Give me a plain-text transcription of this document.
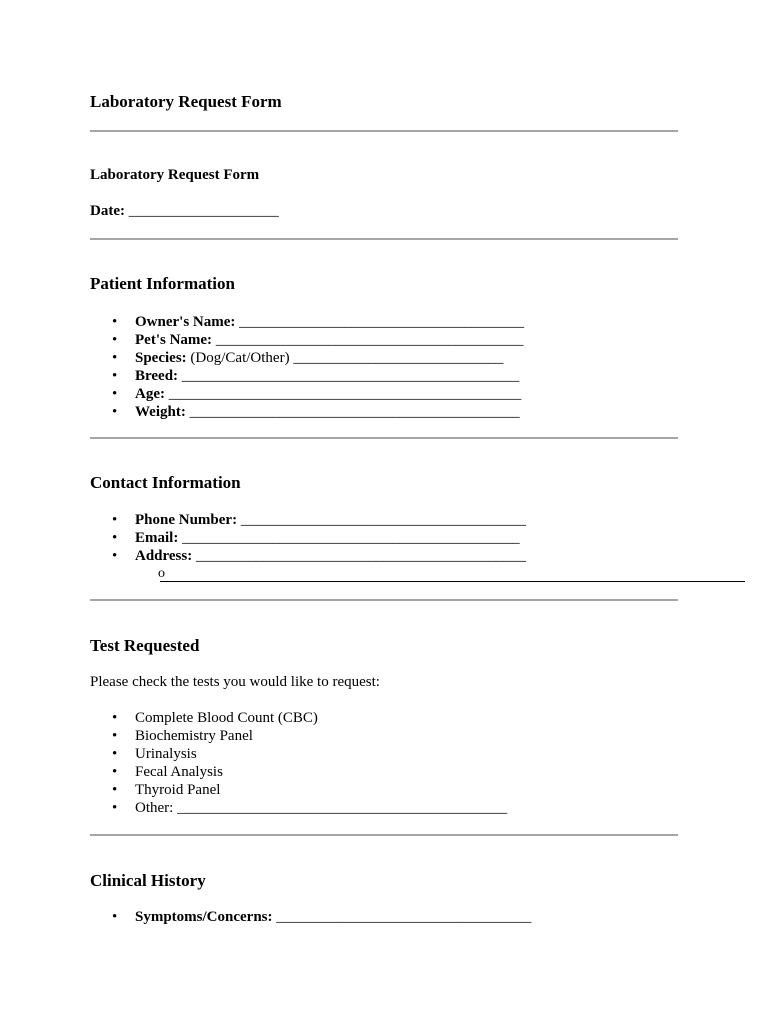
Laboratory Request Form

Laboratory Request Form

Date: ____________________

Patient Information
• Owner's Name: ______________________________________
• Pet's Name: _________________________________________
• Species: (Dog/Cat/Other) ____________________________
• Breed: _____________________________________________
• Age: _______________________________________________
• Weight: ____________________________________________
Contact Information
• Phone Number: ______________________________________
• Email: _____________________________________________
• Address: ____________________________________________
o
Test Requested

Please check the tests you would like to request:

• Complete Blood Count (CBC)
• Biochemistry Panel
• Urinalysis
• Fecal Analysis
• Thyroid Panel
• Other: ____________________________________________
Clinical History
• Symptoms/Concerns: __________________________________
